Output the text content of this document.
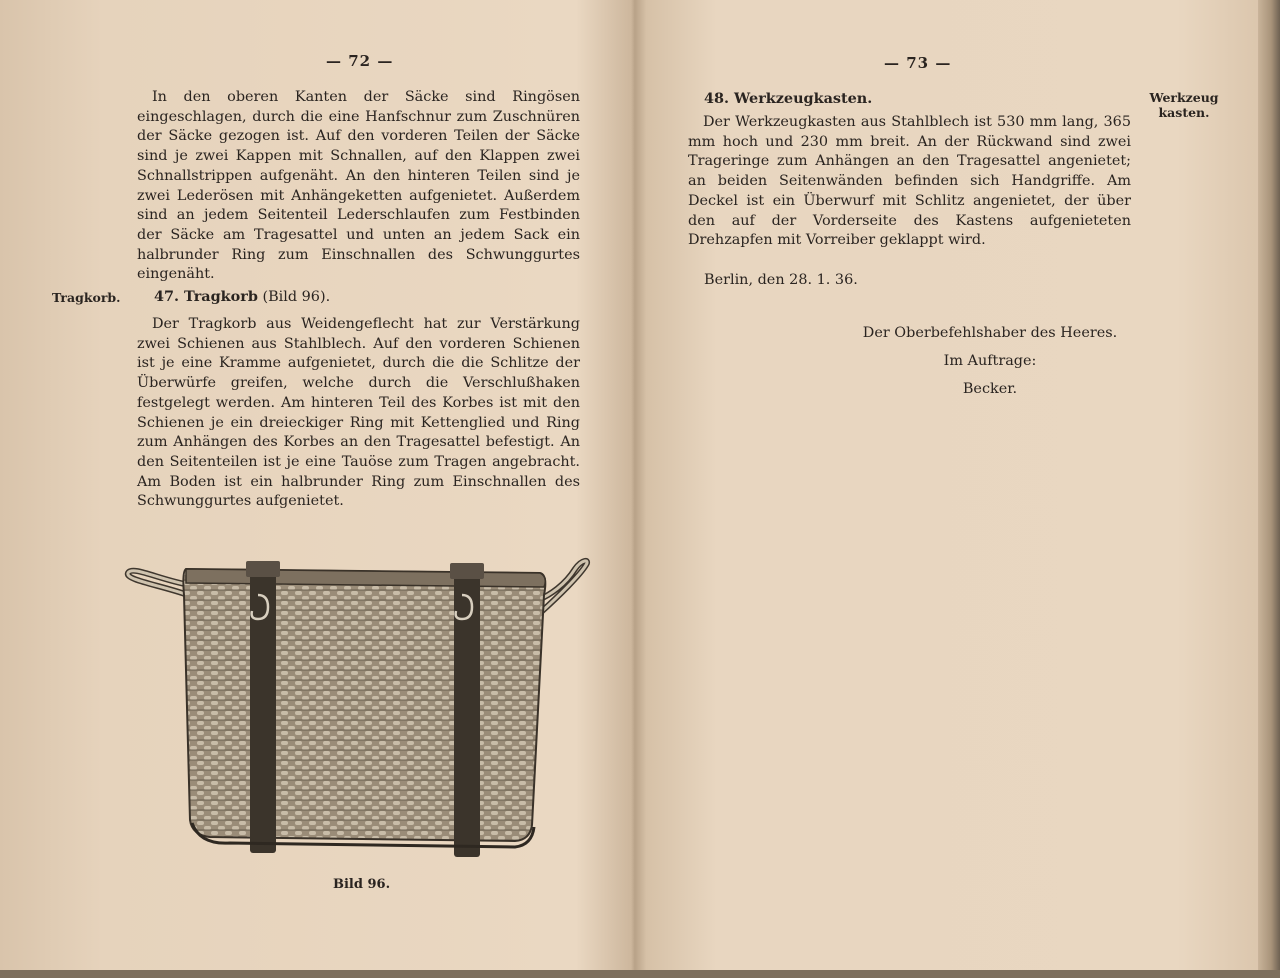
— 72 —

In den oberen Kanten der Säcke sind Ringösen eingeschlagen, durch die eine Hanfschnur zum Zuschnüren der Säcke gezogen ist. Auf den vorderen Teilen der Säcke sind je zwei Kappen mit Schnallen, auf den Klappen zwei Schnallstrippen aufgenäht. An den hinteren Teilen sind je zwei Lederösen mit Anhängeketten aufgenietet. Außerdem sind an jedem Seitenteil Lederschlaufen zum Festbinden der Säcke am Tragesattel und unten an jedem Sack ein halbrunder Ring zum Einschnallen des Schwunggurtes eingenäht.

Tragkorb. 47. Tragkorb (Bild 96).

Der Tragkorb aus Weidengeflecht hat zur Verstärkung zwei Schienen aus Stahlblech. Auf den vorderen Schienen ist je eine Kramme aufgenietet, durch die die Schlitze der Überwürfe greifen, welche durch die Verschlußhaken festgelegt werden. Am hinteren Teil des Korbes ist mit den Schienen je ein dreieckiger Ring mit Kettenglied und Ring zum Anhängen des Korbes an den Tragesattel befestigt. An den Seitenteilen ist je eine Tauöse zum Tragen angebracht. Am Boden ist ein halbrunder Ring zum Einschnallen des Schwunggurtes aufgenietet.

Bild 96.
— 73 —
48. Werkzeugkasten.	Werkzeugkasten.

Der Werkzeugkasten aus Stahlblech ist 530 mm lang, 365 mm hoch und 230 mm breit. An der Rückwand sind zwei Trageringe zum Anhängen an den Tragesattel angenietet; an beiden Seitenwänden befinden sich Handgriffe. Am Deckel ist ein Überwurf mit Schlitz angenietet, der über den auf der Vorderseite des Kastens aufgenieteten Drehzapfen mit Vorreiber geklappt wird.

Berlin, den 28. 1. 36.
Der Oberbefehlshaber des Heeres.
Im Auftrage:
Becker.
